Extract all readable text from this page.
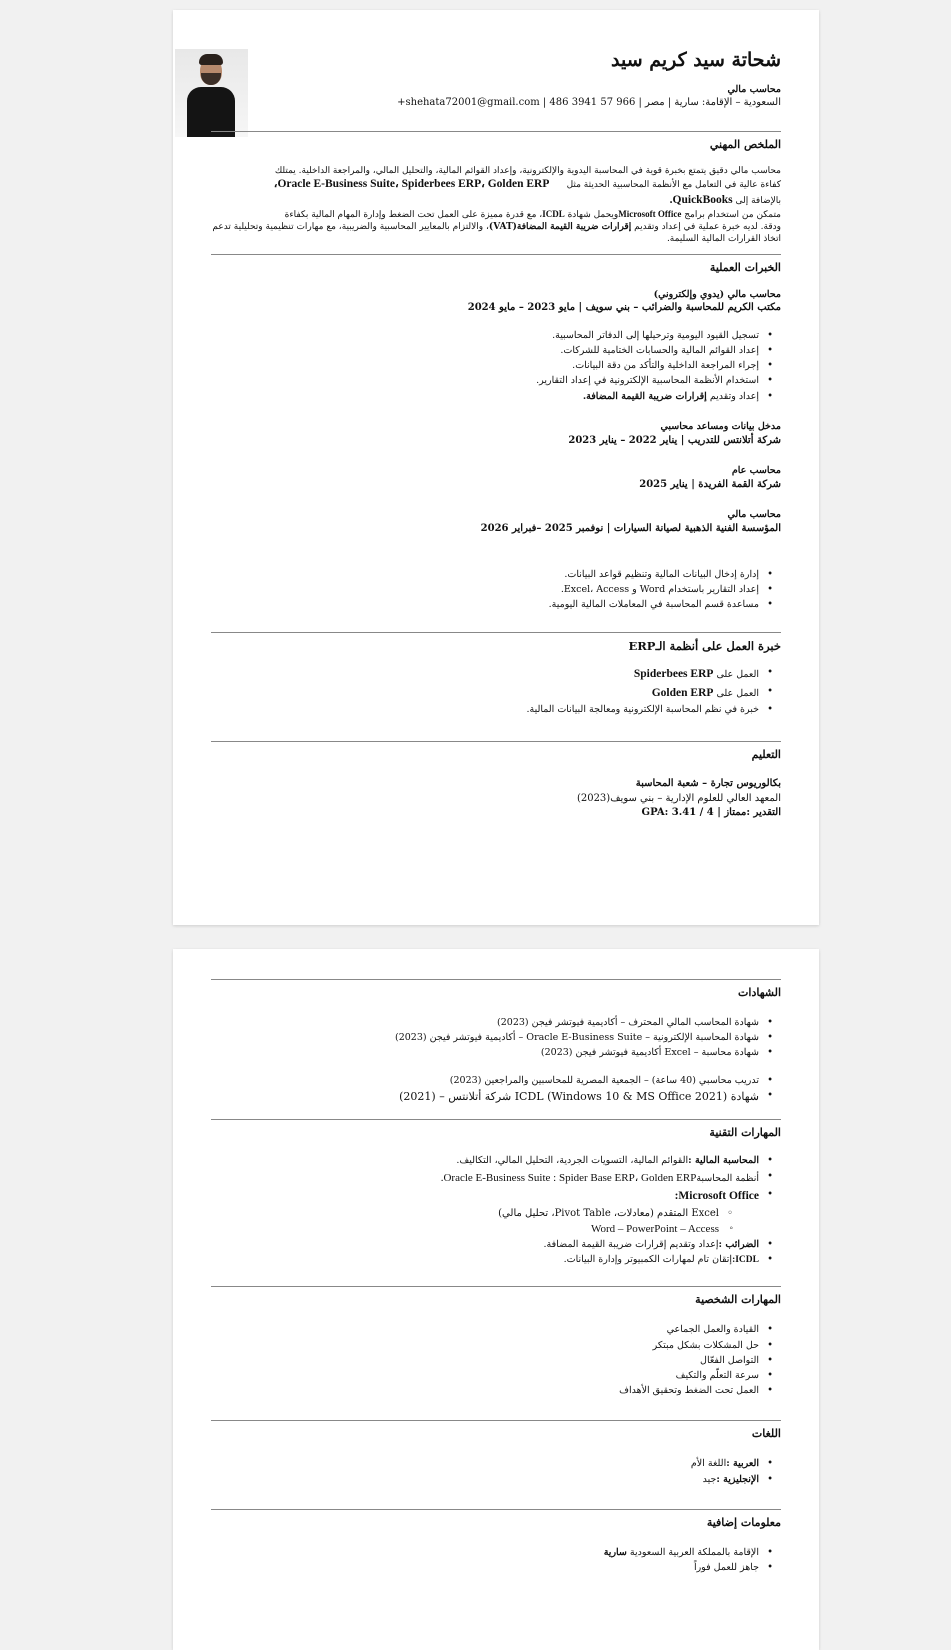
شحاتة سيد كريم سيد
محاسب مالي
السعودية – الإقامة: سارية | مصر | shehata72001@gmail.com | 486 3941 57 966+
الملخص المهني

محاسب مالي دقيق يتمتع بخبرة قوية في المحاسبة اليدوية والإلكترونية، وإعداد القوائم المالية، والتحليل المالي، والمراجعة الداخلية. يمتلك

كفاءة عالية في التعامل مع الأنظمة المحاسبية الحديثة مثل      Oracle E-Business Suite، Spiderbees ERP، Golden ERP،

بالإضافة إلى QuickBooks.

متمكن من استخدام برامج Microsoft Officeويحمل شهادة ICDL، مع قدرة مميزة على العمل تحت الضغط وإدارة المهام المالية بكفاءة

ودقة. لديه خبرة عملية في إعداد وتقديم إقرارات ضريبة القيمة المضافة(VAT)، والالتزام بالمعايير المحاسبية والضريبية، مع مهارات تنظيمية وتحليلية تدعم اتخاذ القرارات المالية السليمة.

الخبرات العملية
محاسب مالي (يدوي وإلكتروني)
مكتب الكريم للمحاسبة والضرائب – بني سويف | مايو 2023 – مايو 2024
• تسجيل القيود اليومية وترحيلها إلى الدفاتر المحاسبية.
• إعداد القوائم المالية والحسابات الختامية للشركات.
• إجراء المراجعة الداخلية والتأكد من دقة البيانات.
• استخدام الأنظمة المحاسبية الإلكترونية في إعداد التقارير.
• إعداد وتقديم إقرارات ضريبة القيمة المضافة.
مدخل بيانات ومساعد محاسبي
شركة أتلانتس للتدريب | يناير 2022 – يناير 2023
محاسب عام
شركة القمة الفريدة | يناير 2025
محاسب مالي
المؤسسة الفنية الذهبية لصيانة السيارات | نوفمبر 2025 –فبراير 2026
• إدارة إدخال البيانات المالية وتنظيم قواعد البيانات.
• إعداد التقارير باستخدام Word و Excel، Access.
• مساعدة قسم المحاسبة في المعاملات المالية اليومية.
خبرة العمل على أنظمة الـERP
• العمل على Spiderbees ERP
• العمل على Golden ERP
• خبرة في نظم المحاسبة الإلكترونية ومعالجة البيانات المالية.
التعليم
بكالوريوس تجارة – شعبة المحاسبة
المعهد العالي للعلوم الإدارية – بني سويف(2023)
التقدير :ممتاز | GPA: 3.41 / 4
الشهادات
• شهادة المحاسب المالي المحترف – أكاديمية فيوتشر فيجن (2023)
• شهادة المحاسبة الإلكترونية – Oracle E-Business Suite – أكاديمية فيوتشر فيجن (2023)
• شهادة محاسبة – Excel أكاديمية فيوتشر فيجن (2023)
• تدريب محاسبي (40 ساعة) – الجمعية المصرية للمحاسبين والمراجعين (2023)
• شهادة ICDL (Windows 10 & MS Office 2021) شركة أتلانتس – (2021)
المهارات التقنية
• المحاسبة المالية :القوائم المالية، التسويات الجردية، التحليل المالي، التكاليف.
• أنظمة المحاسبةOracle E-Business Suite : Spider Base ERP، Golden ERP.
• Microsoft Office:
◦ Excel المتقدم (معادلات، Pivot Table، تحليل مالي)
◦ Word – PowerPoint – Access
• الضرائب :إعداد وتقديم إقرارات ضريبة القيمة المضافة.
• ICDL:إتقان تام لمهارات الكمبيوتر وإدارة البيانات.
المهارات الشخصية
• القيادة والعمل الجماعي
• حل المشكلات بشكل مبتكر
• التواصل الفعّال
• سرعة التعلّم والتكيف
• العمل تحت الضغط وتحقيق الأهداف
اللغات
• العربية :اللغة الأم
• الإنجليزية :جيد
معلومات إضافية
• الإقامة بالمملكة العربية السعودية سارية
• جاهز للعمل فوراً
